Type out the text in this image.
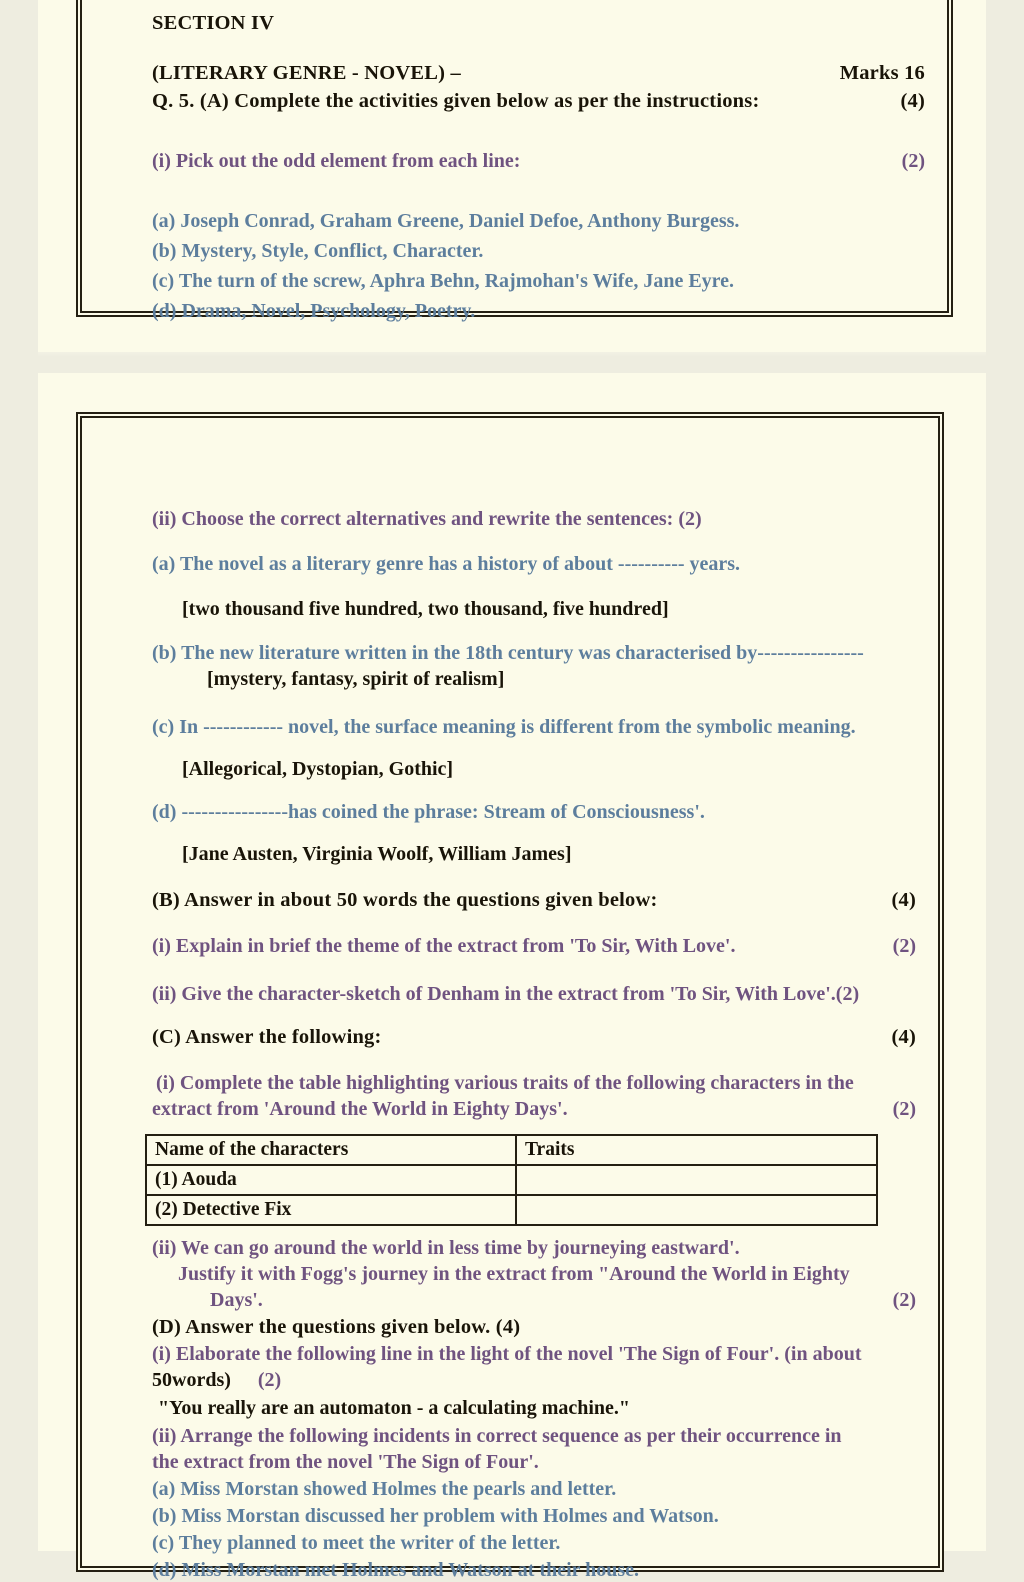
SECTION IV
(LITERARY GENRE - NOVEL) –	Marks 16
Q. 5. (A) Complete the activities given below as per the instructions:	(4)
(i) Pick out the odd element from each line:	(2)
(a) Joseph Conrad, Graham Greene, Daniel Defoe, Anthony Burgess.
(b) Mystery, Style, Conflict, Character.
(c) The turn of the screw, Aphra Behn, Rajmohan's Wife, Jane Eyre.
(d) Drama, Novel, Psychology, Poetry.
(ii) Choose the correct alternatives and rewrite the sentences: (2)
(a) The novel as a literary genre has a history of about ---------- years.
[two thousand five hundred, two thousand, five hundred]
(b) The new literature written in the 18th century was characterised by----------------
[mystery, fantasy, spirit of realism]
(c) In ------------ novel, the surface meaning is different from the symbolic meaning.
[Allegorical, Dystopian, Gothic]
(d) ----------------has coined the phrase: Stream of Consciousness'.
[Jane Austen, Virginia Woolf, William James]
(B) Answer in about 50 words the questions given below:	(4)
(i) Explain in brief the theme of the extract from 'To Sir, With Love'.	(2)
(ii) Give the character-sketch of Denham in the extract from 'To Sir, With Love'.(2)
(C) Answer the following:	(4)
(i) Complete the table highlighting various traits of the following characters in the
extract from 'Around the World in Eighty Days'.	(2)
Name of the characters	Traits
(1) Aouda	
(2) Detective Fix	
(ii) We can go around the world in less time by journeying eastward'.
Justify it with Fogg's journey in the extract from "Around the World in Eighty
Days'.	(2)
(D) Answer the questions given below. (4)
(i) Elaborate the following line in the light of the novel 'The Sign of Four'. (in about
50words) (2)
"You really are an automaton - a calculating machine."
(ii) Arrange the following incidents in correct sequence as per their occurrence in
the extract from the novel 'The Sign of Four'.
(a) Miss Morstan showed Holmes the pearls and letter.
(b) Miss Morstan discussed her problem with Holmes and Watson.
(c) They planned to meet the writer of the letter.
(d) Miss Morstan met Holmes and Watson at their house.
